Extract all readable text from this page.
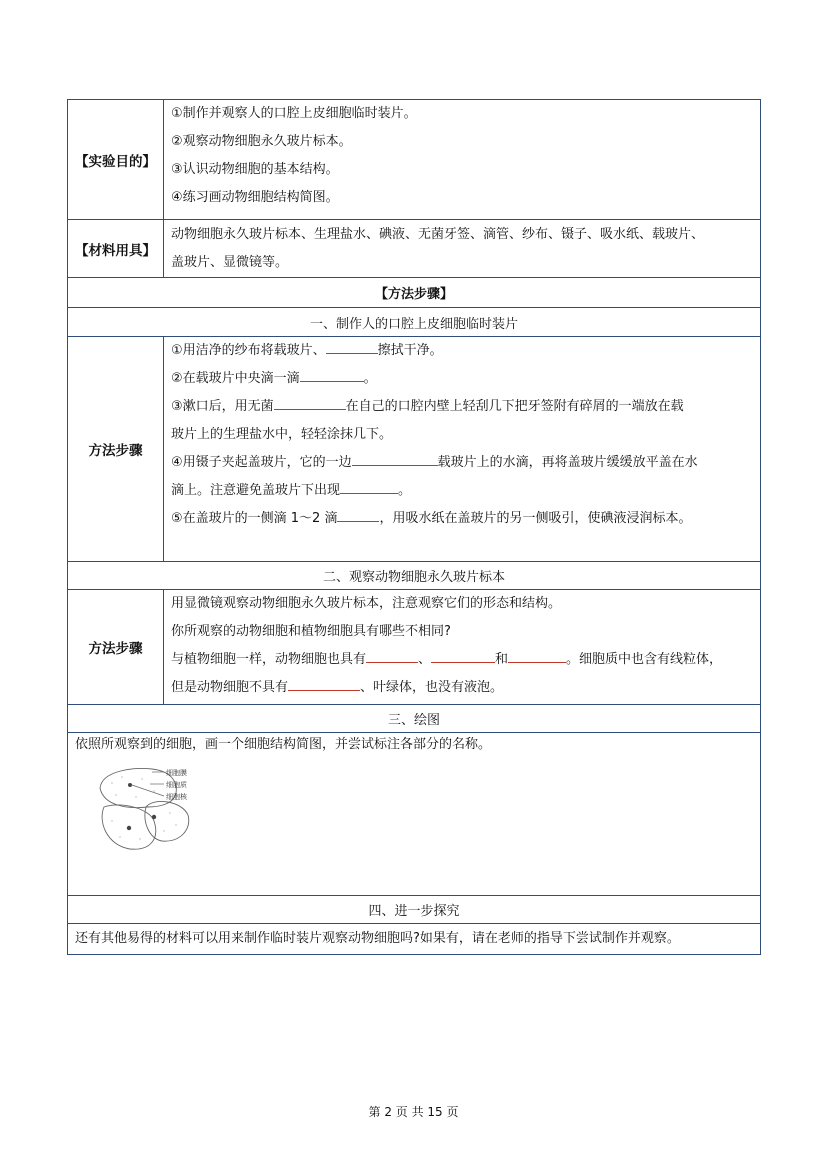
【实验目的】
①制作并观察人的口腔上皮细胞临时装片。
②观察动物细胞永久玻片标本。
③认识动物细胞的基本结构。
④练习画动物细胞结构简图。
【材料用具】
动物细胞永久玻片标本、生理盐水、碘液、无菌牙签、滴管、纱布、镊子、吸水纸、载玻片、
盖玻片、显微镜等。
【方法步骤】
一、制作人的口腔上皮细胞临时装片
方法步骤
①用洁净的纱布将载玻片、	擦拭干净。
②在载玻片中央滴一滴	。
③漱口后，用无菌	在自己的口腔内壁上轻刮几下把牙签附有碎屑的一端放在载
玻片上的生理盐水中，轻轻涂抹几下。
④用镊子夹起盖玻片，它的一边	载玻片上的水滴，再将盖玻片缓缓放平盖在水
滴上。注意避免盖玻片下出现	。
⑤在盖玻片的一侧滴 1～2 滴	，用吸水纸在盖玻片的另一侧吸引，使碘液浸润标本。
二、观察动物细胞永久玻片标本
方法步骤
用显微镜观察动物细胞永久玻片标本，注意观察它们的形态和结构。
你所观察的动物细胞和植物细胞具有哪些不相同?
与植物细胞一样，动物细胞也具有	、	和	。细胞质中也含有线粒体，
但是动物细胞不具有	、叶绿体，也没有液泡。
三、绘图
依照所观察到的细胞，画一个细胞结构简图，并尝试标注各部分的名称。
细胞膜
细胞质
细胞核
四、进一步探究
还有其他易得的材料可以用来制作临时装片观察动物细胞吗?如果有，请在老师的指导下尝试制作并观察。
第 2 页 共 15 页
